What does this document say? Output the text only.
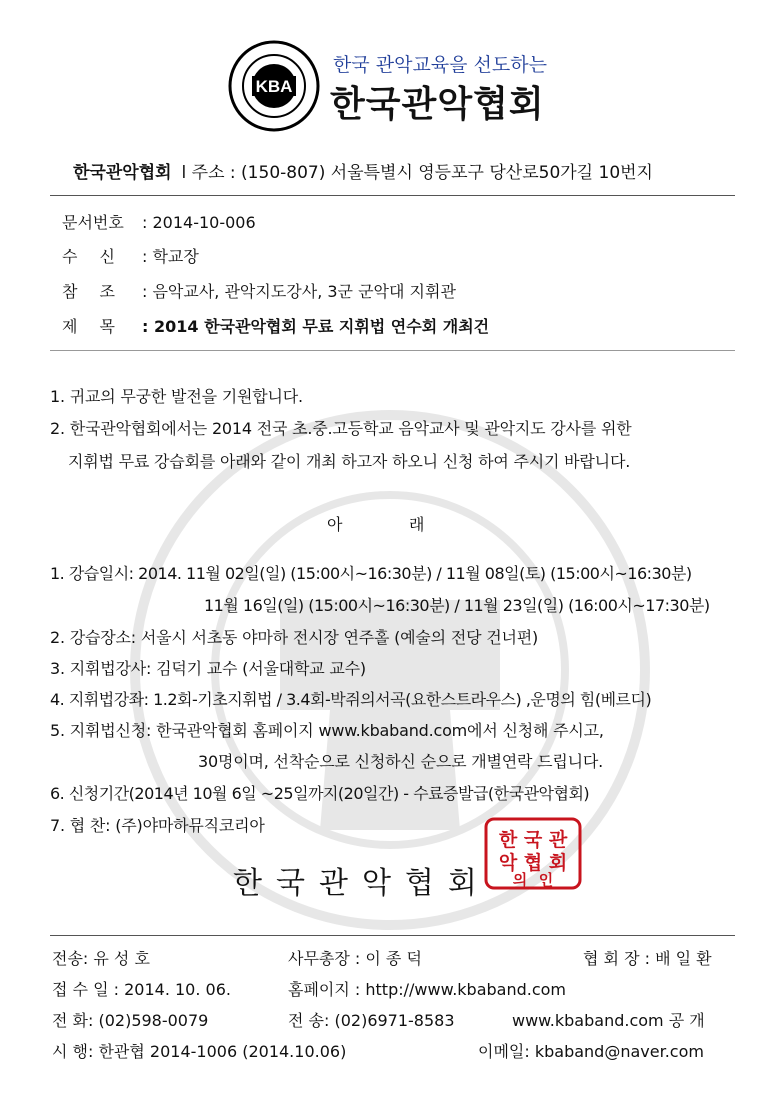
KBA
한국 관악교육을 선도하는
한국관악협회
한국관악협회 l 주소 : (150-807) 서울특별시 영등포구 당산로50가길 10번지
문서번호 : 2014-10-006
수신 : 학교장
참조 : 음악교사, 관악지도강사, 3군 군악대 지휘관
제목 : 2014 한국관악협회 무료 지휘법 연수회 개최건
1. 귀교의 무궁한 발전을 기원합니다.
2. 한국관악협회에서는 2014 전국 초.중.고등학교 음악교사 및 관악지도 강사를 위한
지휘법 무료 강습회를 아래와 같이 개최 하고자 하오니 신청 하여 주시기 바랍니다.
아	래
1. 강습일시: 2014. 11월 02일(일) (15:00시~16:30분) / 11월 08일(토) (15:00시~16:30분)
11월 16일(일) (15:00시~16:30분) / 11월 23일(일) (16:00시~17:30분)
2. 강습장소: 서울시 서초동 야마하 전시장 연주홀 (예술의 전당 건너편)
3. 지휘법강사: 김덕기 교수 (서울대학교 교수)
4. 지휘법강좌: 1.2회-기초지휘법 / 3.4회-박쥐의서곡(요한스트라우스) ,운명의 힘(베르디)
5. 지휘법신청: 한국관악협회 홈페이지 www.kbaband.com에서 신청해 주시고,
30명이며, 선착순으로 신청하신 순으로 개별연락 드립니다.
6. 신청기간(2014년 10월 6일 ~25일까지(20일간) - 수료증발급(한국관악협회)
7. 협 찬: (주)야마하뮤직코리아
한국관악협회
한 국 관
악 협 회
의 인
전송: 유 성 호	사무총장 : 이 종 덕	협 회 장 : 배 일 환
접 수 일 : 2014. 10. 06.	홈페이지 : http://www.kbaband.com
전 화: (02)598-0079	전 송: (02)6971-8583	www.kbaband.com 공 개
시 행: 한관협 2014-1006 (2014.10.06)	이메일: kbaband@naver.com
